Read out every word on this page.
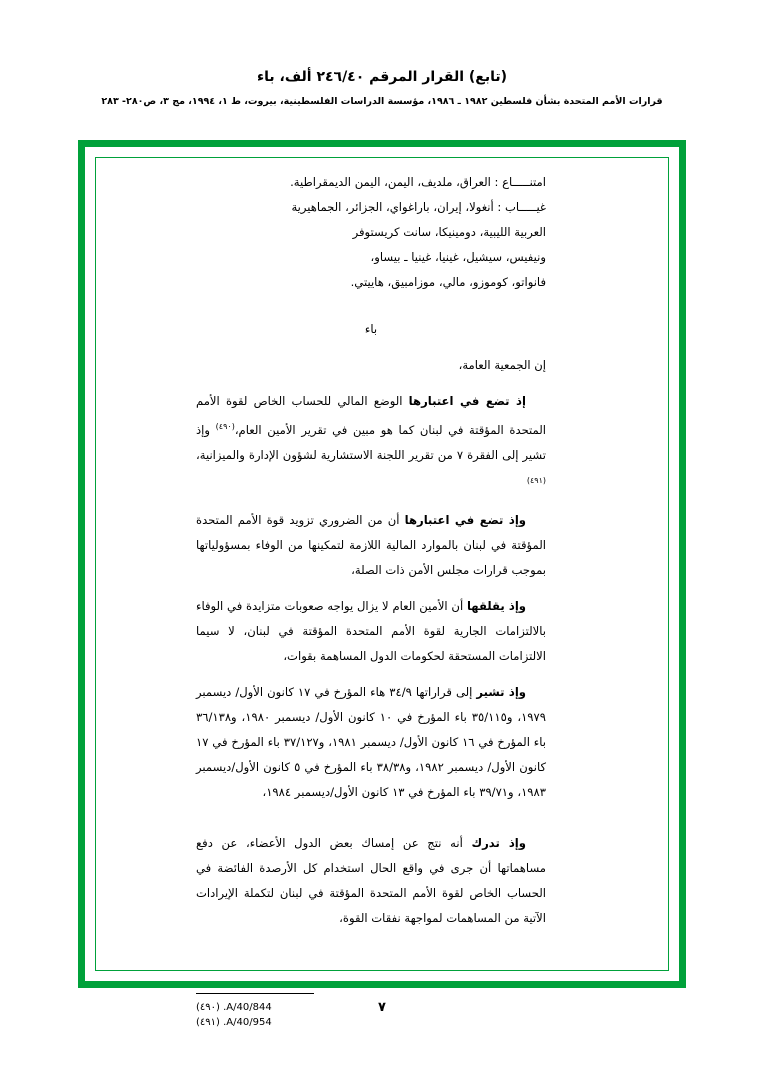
(تابع) القرار المرقم ٢٤٦/٤٠ ألف، باء
قرارات الأمم المتحدة بشأن فلسطين ١٩٨٢ ـ ١٩٨٦، مؤسسة الدراسات الفلسطينية، بيروت، ط ١، ١٩٩٤، مج ٣، ص٢٨٠- ٢٨٣
امتنـــــاع : العراق، ملديف، اليمن، اليمن الديمقراطية.
غيـــــاب : أنغولا، إيران، باراغواي، الجزائر، الجماهيرية
العربية الليبية، دومينيكا، سانت كريستوفر
ونيفيس، سيشيل، غينيا، غينيا ـ بيساو،
فانواتو، كوموزو، مالي، موزامبيق، هاييتي.
باء
إن الجمعية العامة،
إذ تضع في اعتبارها الوضع المالي للحساب الخاص لقوة الأمم المتحدة المؤقتة في لبنان كما هو مبين في تقرير الأمين العام،$^{(٤٩٠)}$ وإذ تشير إلى الفقرة ٧ من تقرير اللجنة الاستشارية لشؤون الإدارة والميزانية،$^{(٤٩١)}$
وإذ تضع في اعتبارها أن من الضروري تزويد قوة الأمم المتحدة المؤقتة في لبنان بالموارد المالية اللازمة لتمكينها من الوفاء بمسؤولياتها بموجب قرارات مجلس الأمن ذات الصلة،
وإذ يقلقها أن الأمين العام لا يزال يواجه صعوبات متزايدة في الوفاء بالالتزامات الجارية لقوة الأمم المتحدة المؤقتة في لبنان، لا سيما الالتزامات المستحقة لحكومات الدول المساهمة بقوات،
وإذ تشير إلى قراراتها ٣٤/٩ هاء المؤرخ في ١٧ كانون الأول/ ديسمبر ١٩٧٩، و٣٥/١١٥ باء المؤرخ في ١٠ كانون الأول/ ديسمبر ١٩٨٠، و٣٦/١٣٨ باء المؤرخ في ١٦ كانون الأول/ ديسمبر ١٩٨١، و٣٧/١٢٧ باء المؤرخ في ١٧ كانون الأول/ ديسمبر ١٩٨٢، و٣٨/٣٨ باء المؤرخ في ٥ كانون الأول/ديسمبر ١٩٨٣، و٣٩/٧١ باء المؤرخ في ١٣ كانون الأول/ديسمبر ١٩٨٤،
وإذ تدرك أنه نتج عن إمساك بعض الدول الأعضاء، عن دفع مساهماتها أن جرى في واقع الحال استخدام كل الأرصدة الفائضة في الحساب الخاص لقوة الأمم المتحدة المؤقتة في لبنان لتكملة الإيرادات الآتية من المساهمات لمواجهة نفقات القوة،
A/40/844. (٤٩٠)
A/40/954. (٤٩١)
٧
